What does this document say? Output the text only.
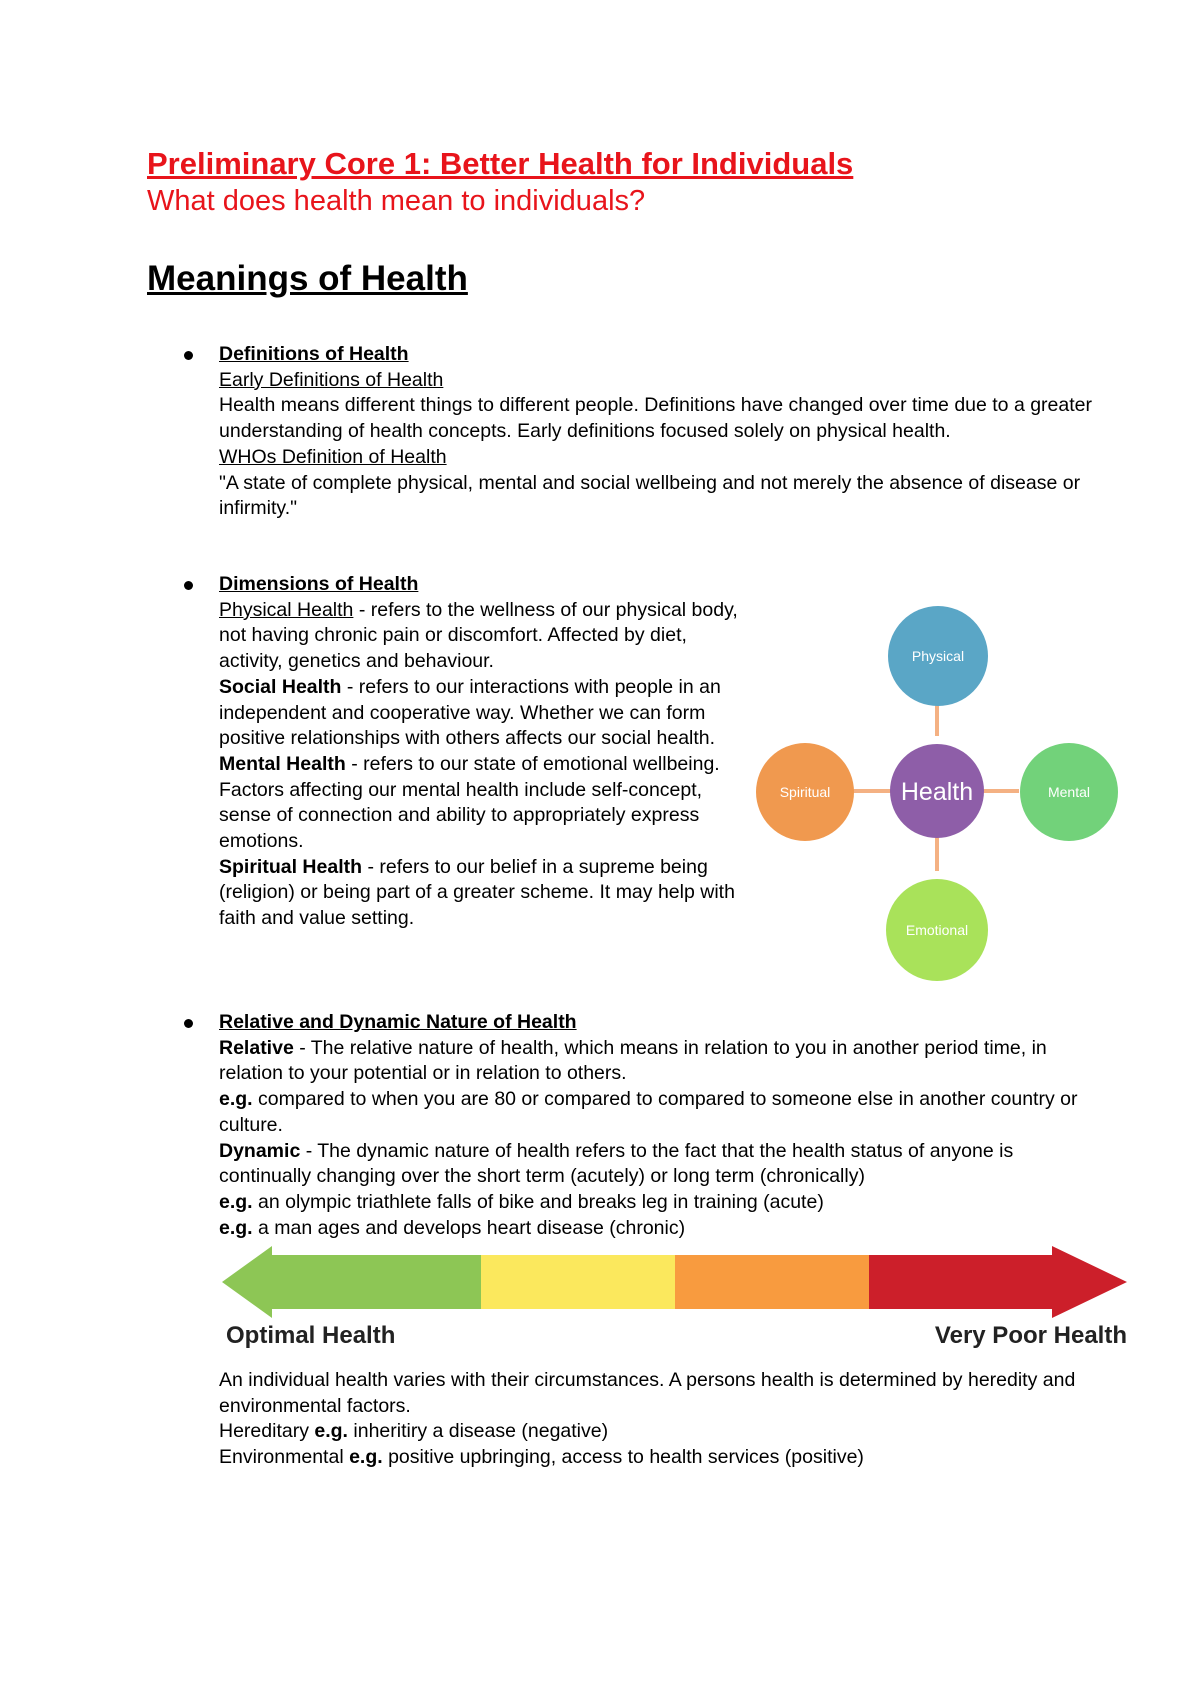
Preliminary Core 1: Better Health for Individuals
What does health mean to individuals?
Meanings of Health

Definitions of Health

Early Definitions of Health

Health means different things to different people. Definitions have changed over time due to a greater understanding of health concepts. Early definitions focused solely on physical health.

WHOs Definition of Health

"A state of complete physical, mental and social wellbeing and not merely the absence of disease or infirmity."

Dimensions of Health

Physical Health - refers to the wellness of our physical body, not having chronic pain or discomfort. Affected by diet, activity, genetics and behaviour.

Social Health - refers to our interactions with people in an independent and cooperative way. Whether we can form positive relationships with others affects our social health.

Mental Health - refers to our state of emotional wellbeing. Factors affecting our mental health include self-concept, sense of connection and ability to appropriately express emotions.

Spiritual Health - refers to our belief in a supreme being (religion) or being part of a greater scheme. It may help with faith and value setting.

Physical
Spiritual	Health	Mental
Emotional

Relative and Dynamic Nature of Health

Relative - The relative nature of health, which means in relation to you in another period time, in relation to your potential or in relation to others.

e.g. compared to when you are 80 or compared to compared to someone else in another country or culture.

Dynamic - The dynamic nature of health refers to the fact that the health status of anyone is continually changing over the short term (acutely) or long term (chronically)

e.g. an olympic triathlete falls of bike and breaks leg in training (acute)

e.g. a man ages and develops heart disease (chronic)

Optimal Health	Very Poor Health

An individual health varies with their circumstances. A persons health is determined by heredity and environmental factors.

Hereditary e.g. inheritiry a disease (negative)

Environmental e.g. positive upbringing, access to health services (positive)
